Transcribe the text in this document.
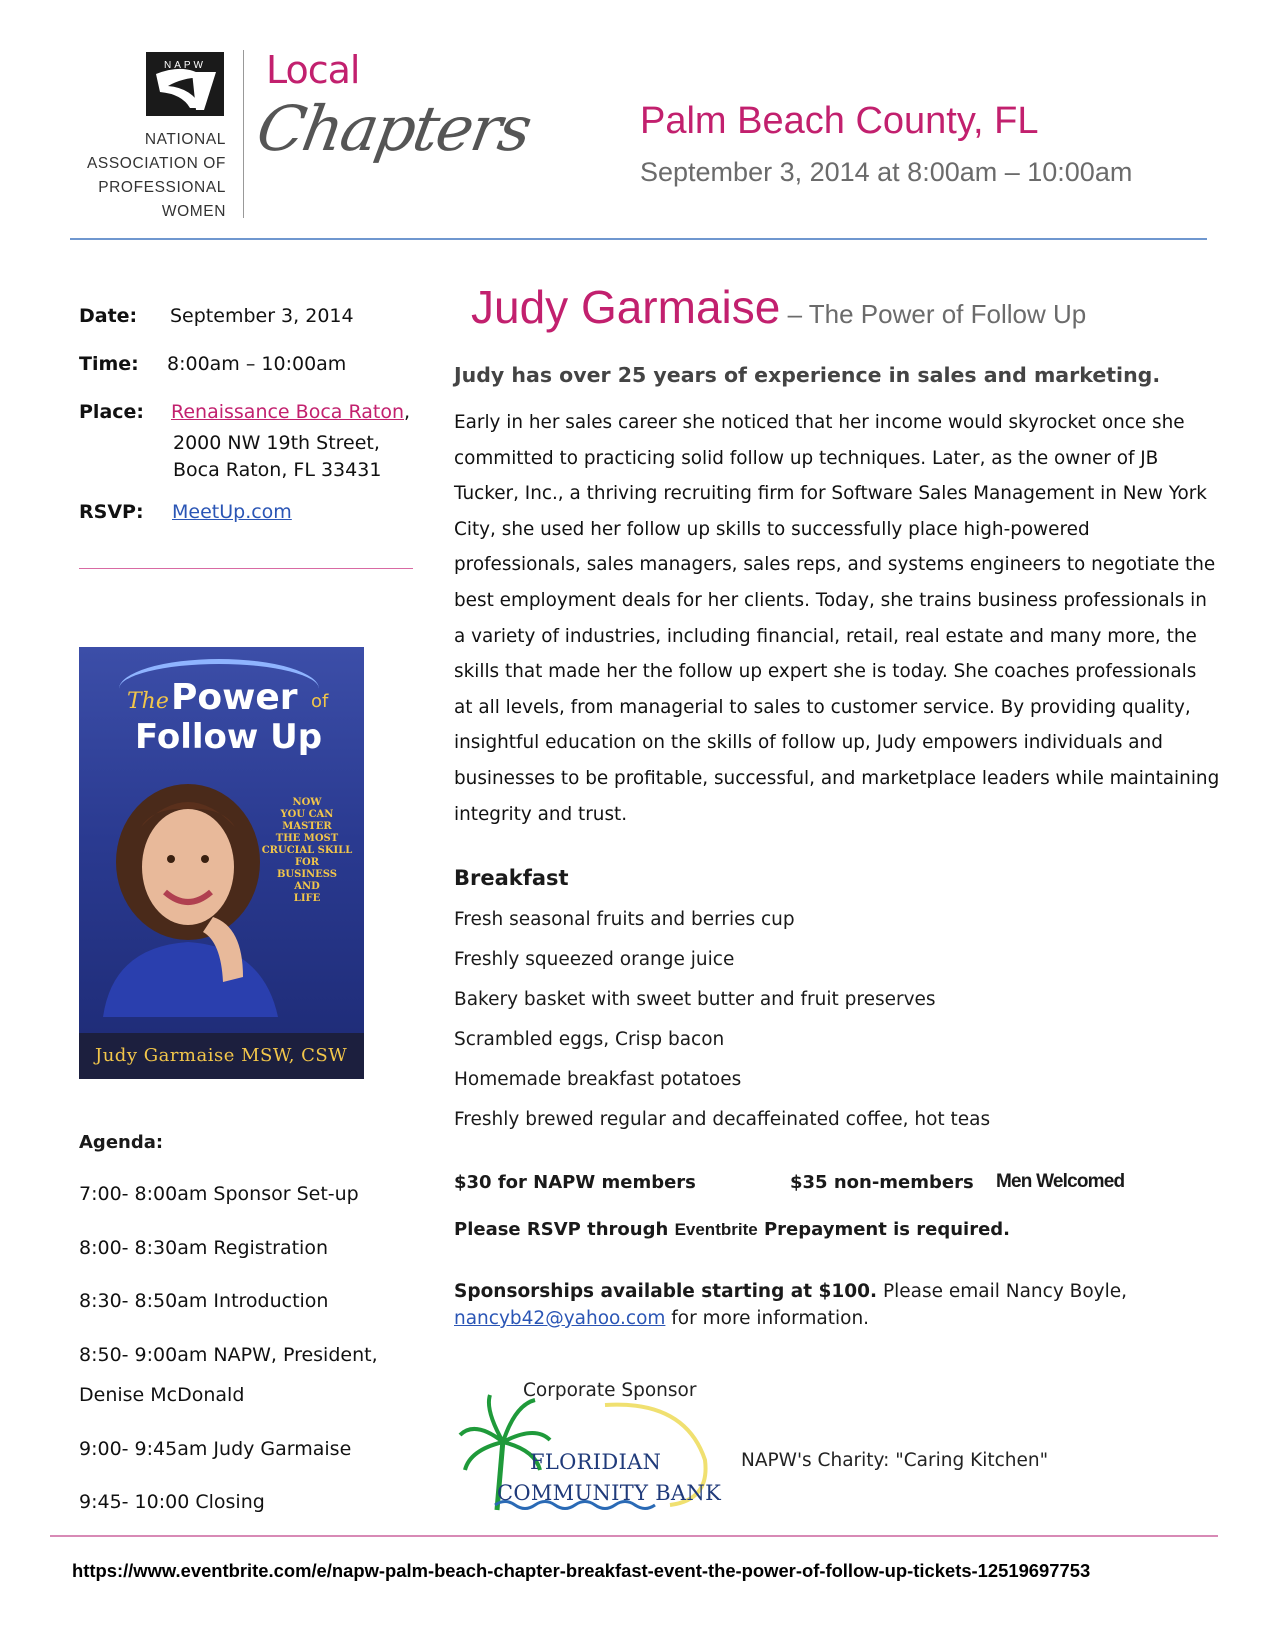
NAPW
NATIONAL
ASSOCIATION OF
PROFESSIONAL
WOMEN
Local
Chapters	Palm Beach County, FL
September 3, 2014 at 8:00am – 10:00am
Date: September 3, 2014
Time: 8:00am – 10:00am
Place: Renaissance Boca Raton,
2000 NW 19th Street,
Boca Raton, FL 33431
RSVP: MeetUp.com
The Power of
Follow Up
NOW
YOU CAN
MASTER
THE MOST
CRUCIAL SKILL
FOR
BUSINESS
AND
LIFE
Judy Garmaise MSW, CSW
Agenda:
7:00- 8:00am Sponsor Set-up
8:00- 8:30am Registration
8:30- 8:50am Introduction
8:50- 9:00am NAPW, President,
Denise McDonald
9:00- 9:45am Judy Garmaise
9:45- 10:00 Closing
Judy Garmaise – The Power of Follow Up
Judy has over 25 years of experience in sales and marketing.
Early in her sales career she noticed that her income would skyrocket once she
committed to practicing solid follow up techniques. Later, as the owner of JB
Tucker, Inc., a thriving recruiting firm for Software Sales Management in New York
City, she used her follow up skills to successfully place high-powered
professionals, sales managers, sales reps, and systems engineers to negotiate the
best employment deals for her clients. Today, she trains business professionals in
a variety of industries, including financial, retail, real estate and many more, the
skills that made her the follow up expert she is today. She coaches professionals
at all levels, from managerial to sales to customer service. By providing quality,
insightful education on the skills of follow up, Judy empowers individuals and
businesses to be profitable, successful, and marketplace leaders while maintaining
integrity and trust.
Breakfast
Fresh seasonal fruits and berries cup
Freshly squeezed orange juice
Bakery basket with sweet butter and fruit preserves
Scrambled eggs, Crisp bacon
Homemade breakfast potatoes
Freshly brewed regular and decaffeinated coffee, hot teas
$30 for NAPW members	$35 non-members Men Welcomed
Please RSVP through Eventbrite Prepayment is required.
Sponsorships available starting at $100. Please email Nancy Boyle,
nancyb42@yahoo.com for more information.
Corporate Sponsor
FLORIDIAN
COMMUNITY BANK
NAPW's Charity: "Caring Kitchen"
https://www.eventbrite.com/e/napw-palm-beach-chapter-breakfast-event-the-power-of-follow-up-tickets-12519697753
